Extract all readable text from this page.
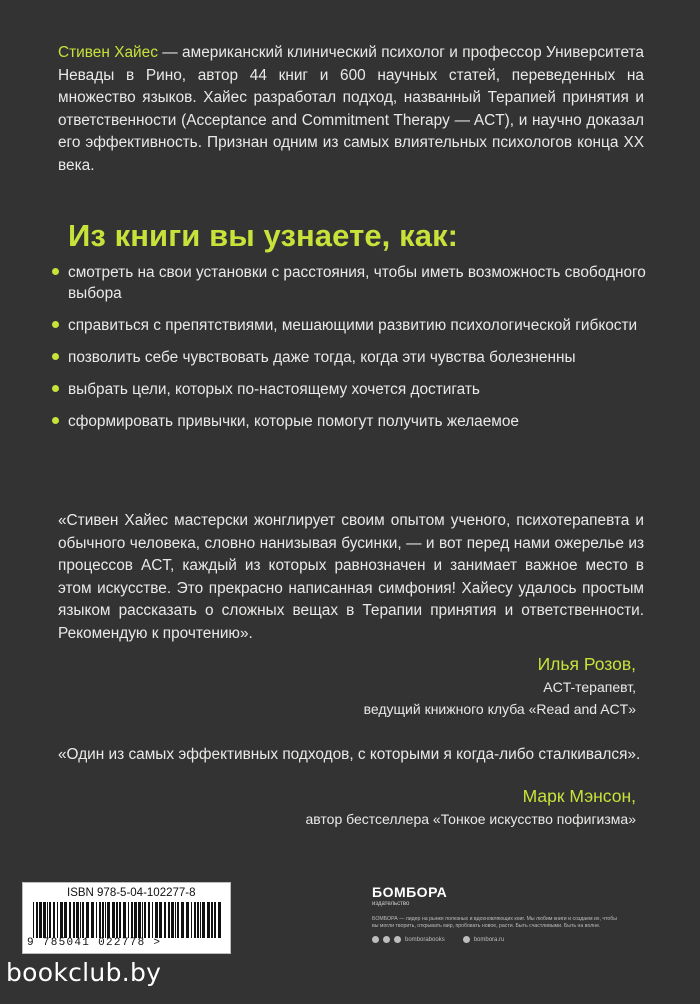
Стивен Хайес — американский клинический психолог и профессор Университета Невады в Рино, автор 44 книг и 600 научных статей, переведенных на множество языков. Хайес разработал подход, названный Терапией принятия и ответственности (Acceptance and Commitment Therapy — ACT), и научно доказал его эффективность. Признан одним из самых влиятельных психологов конца XX века.

Из книги вы узнаете, как:
смотреть на свои установки с расстояния, чтобы иметь возможность свободного выбора
справиться с препятствиями, мешающими развитию психологической гибкости
позволить себе чувствовать даже тогда, когда эти чувства болезненны
выбрать цели, которых по-настоящему хочется достигать
сформировать привычки, которые помогут получить желаемое

«Стивен Хайес мастерски жонглирует своим опытом ученого, психотерапевта и обычного человека, словно нанизывая бусинки, — и вот перед нами ожерелье из процессов ACT, каждый из которых равнозначен и занимает важное место в этом искусстве. Это прекрасно написанная симфония! Хайесу удалось простым языком рассказать о сложных вещах в Терапии принятия и ответственности. Рекомендую к прочтению».

Илья Розов,
ACT-терапевт,
ведущий книжного клуба «Read and ACT»

«Один из самых эффективных подходов, с которыми я когда-либо сталкивался».

Марк Мэнсон,
автор бестселлера «Тонкое искусство пофигизма»
ISBN 978-5-04-102277-8
9 785041 022778 >
БОМБОРА
издательство
БОМБОРА — лидер на рынке полезных и вдохновляющих книг. Мы любим книги и создаем их, чтобы вы могли творить, открывать мир, пробовать новое, расти. Быть счастливыми. Быть на волне.
bomborabooks	bombora.ru
bookclub.by
